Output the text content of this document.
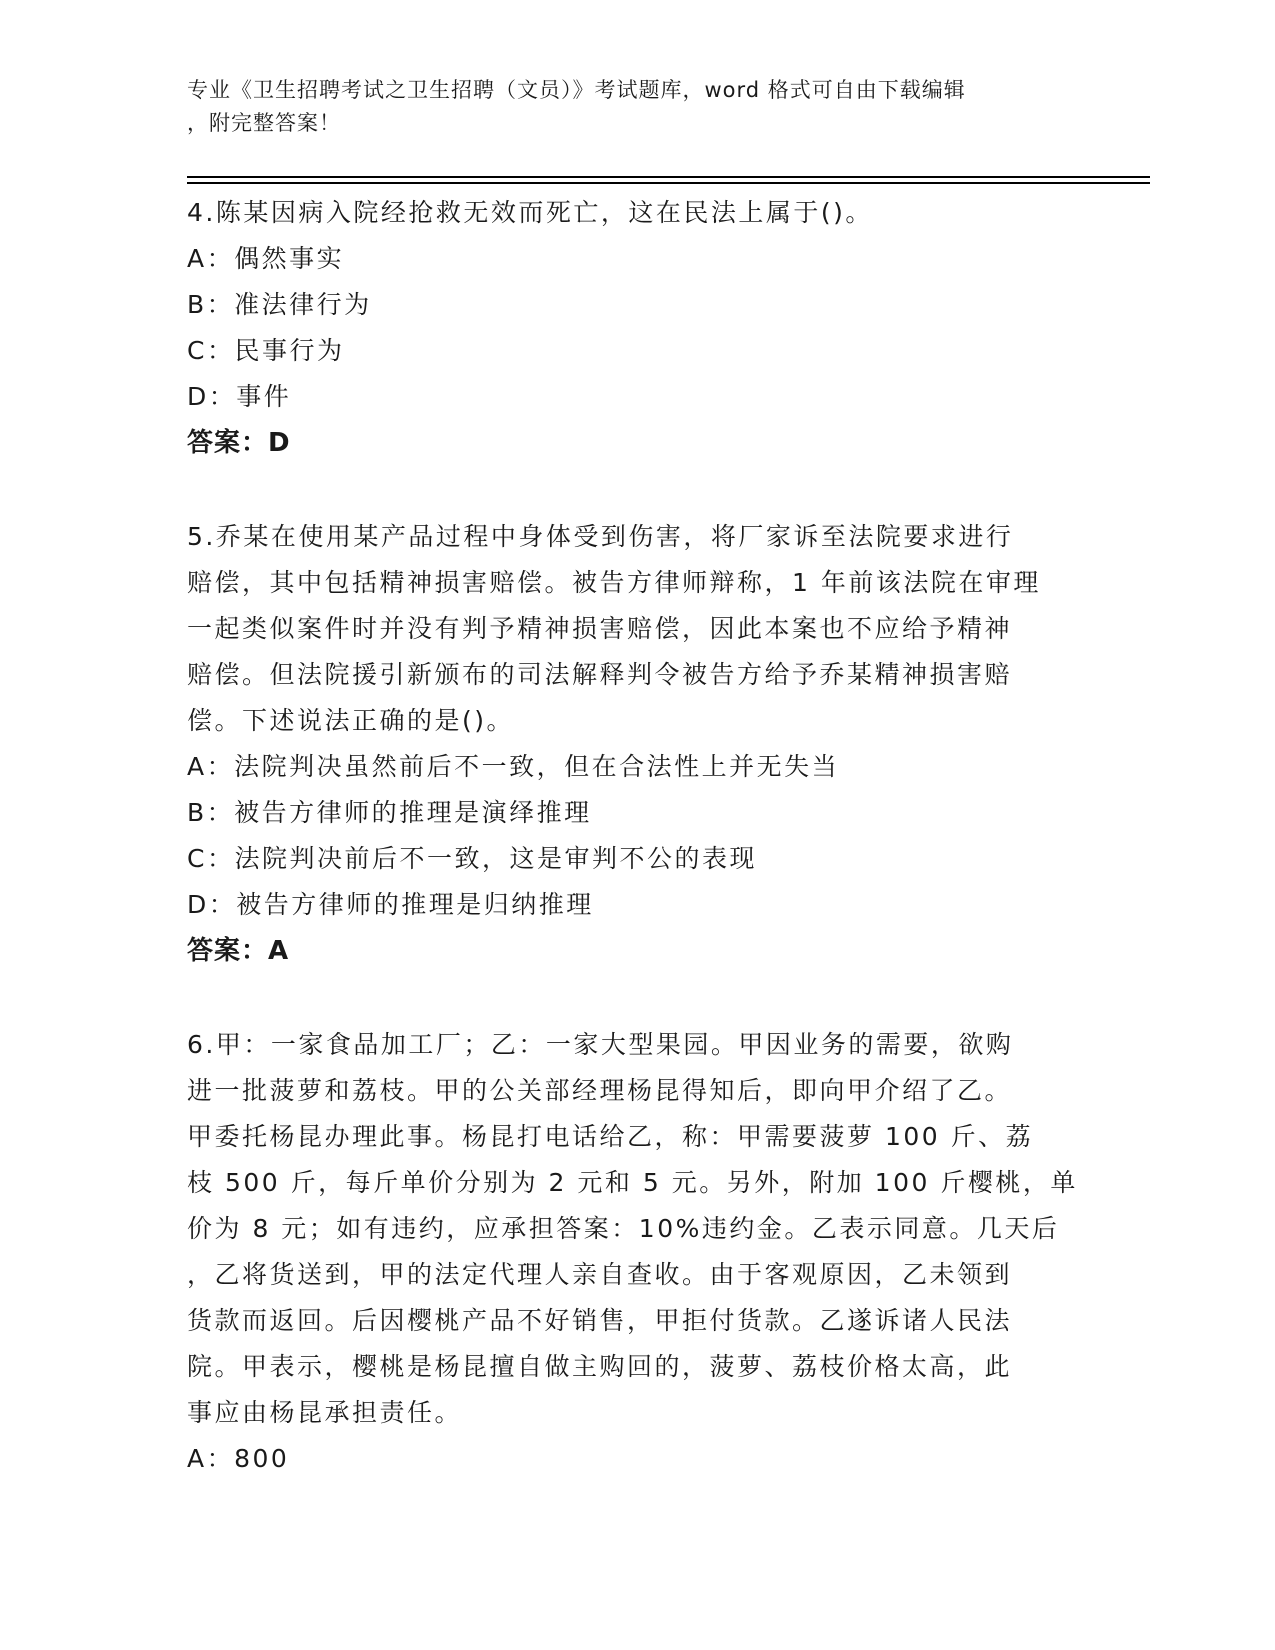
专业《卫生招聘考试之卫生招聘（文员）》考试题库，word 格式可自由下载编辑
，附完整答案！

4.陈某因病入院经抢救无效而死亡，这在民法上属于()。

A：偶然事实

B：准法律行为

C：民事行为

D：事件

答案：D

5.乔某在使用某产品过程中身体受到伤害，将厂家诉至法院要求进行

赔偿，其中包括精神损害赔偿。被告方律师辩称，1 年前该法院在审理

一起类似案件时并没有判予精神损害赔偿，因此本案也不应给予精神

赔偿。但法院援引新颁布的司法解释判令被告方给予乔某精神损害赔

偿。下述说法正确的是()。

A：法院判决虽然前后不一致，但在合法性上并无失当

B：被告方律师的推理是演绎推理

C：法院判决前后不一致，这是审判不公的表现

D：被告方律师的推理是归纳推理

答案：A

6.甲：一家食品加工厂；乙：一家大型果园。甲因业务的需要，欲购

进一批菠萝和荔枝。甲的公关部经理杨昆得知后，即向甲介绍了乙。

甲委托杨昆办理此事。杨昆打电话给乙，称：甲需要菠萝 100 斤、荔

枝 500 斤，每斤单价分别为 2 元和 5 元。另外，附加 100 斤樱桃，单

价为 8 元；如有违约，应承担答案：10%违约金。乙表示同意。几天后

，乙将货送到，甲的法定代理人亲自查收。由于客观原因，乙未领到

货款而返回。后因樱桃产品不好销售，甲拒付货款。乙遂诉诸人民法

院。甲表示，樱桃是杨昆擅自做主购回的，菠萝、荔枝价格太高，此

事应由杨昆承担责任。

A：800
